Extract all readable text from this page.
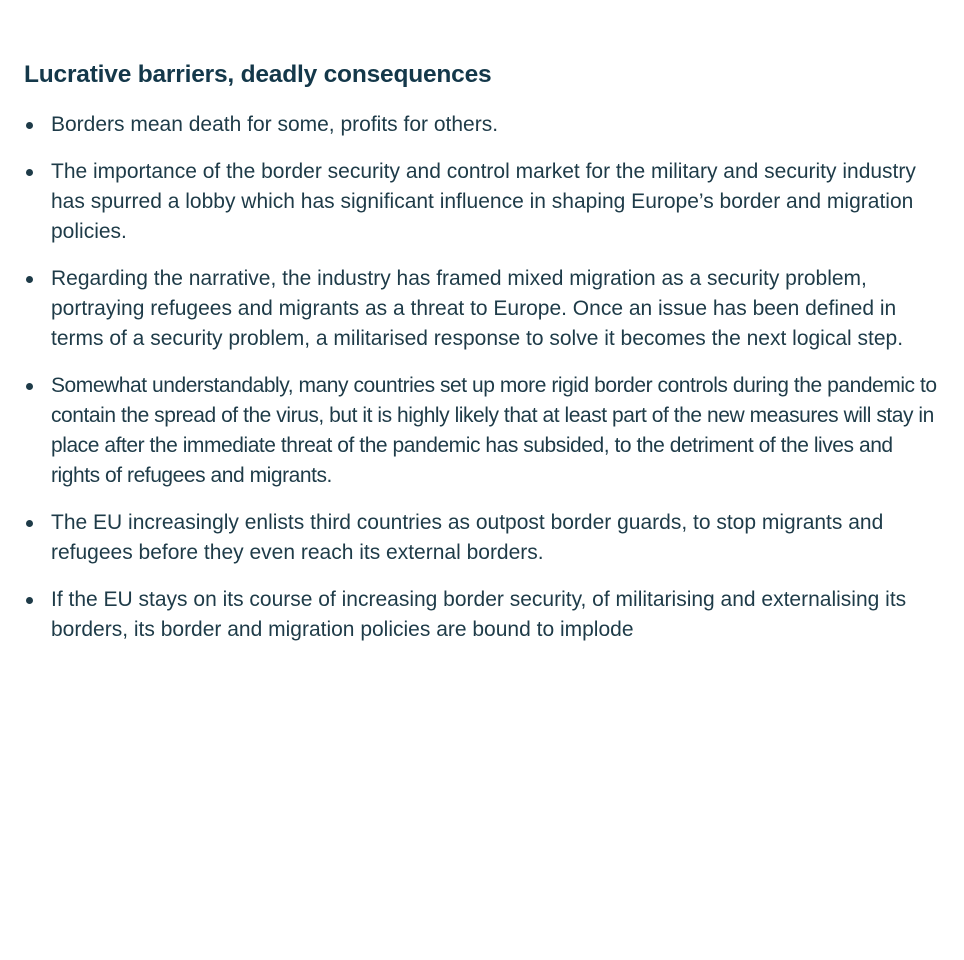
Lucrative barriers, deadly consequences
Borders mean death for some, profits for others.
The importance of the border security and control market for the military and security industry has spurred a lobby which has significant influence in shaping Europe’s border and migration policies.
Regarding the narrative, the industry has framed mixed migration as a security problem, portraying refugees and migrants as a threat to Europe. Once an issue has been defined in terms of a security problem, a militarised response to solve it becomes the next logical step.
Somewhat understandably, many countries set up more rigid border controls during the pandemic to contain the spread of the virus, but it is highly likely that at least part of the new measures will stay in place after the immediate threat of the pandemic has subsided, to the detriment of the lives and rights of refugees and migrants.
The EU increasingly enlists third countries as outpost border guards, to stop migrants and refugees before they even reach its external borders.
If the EU stays on its course of increasing border security, of militarising and externalising its borders, its border and migration policies are bound to implode
